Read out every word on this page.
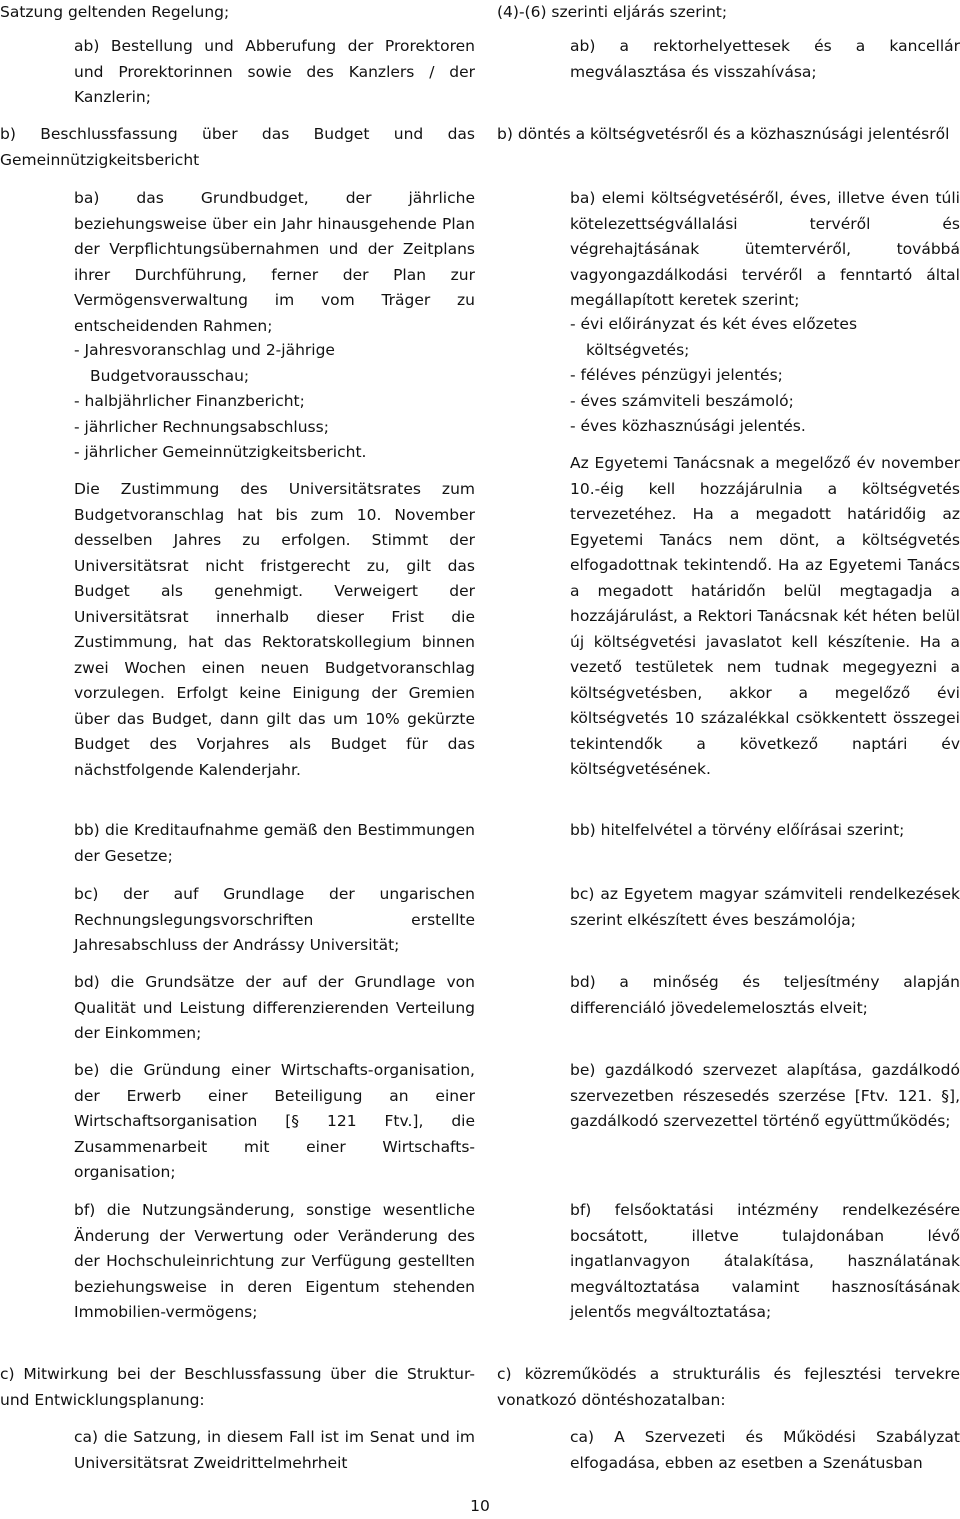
Satzung geltenden Regelung;

ab) Bestellung und Abberufung der Prorektoren und Prorektorinnen sowie des Kanzlers / der Kanzlerin;

b) Beschlussfassung über das Budget und das Gemeinnützigkeitsbericht

ba) das Grundbudget, der jährliche beziehungsweise über ein Jahr hinausgehende Plan der Verpflichtungsübernahmen und der Zeitplans ihrer Durchführung, ferner der Plan zur Vermögensverwaltung im vom Träger zu entscheidenden Rahmen;

- Jahresvoranschlag und 2-jährige Budgetvorausschau;
- halbjährlicher Finanzbericht;
- jährlicher Rechnungsabschluss;
- jährlicher Gemeinnützigkeitsbericht.

Die Zustimmung des Universitätsrates zum Budgetvoranschlag hat bis zum 10. November desselben Jahres zu erfolgen. Stimmt der Universitätsrat nicht fristgerecht zu, gilt das Budget als genehmigt. Verweigert der Universitätsrat innerhalb dieser Frist die Zustimmung, hat das Rektoratskollegium binnen zwei Wochen einen neuen Budgetvoranschlag vorzulegen. Erfolgt keine Einigung der Gremien über das Budget, dann gilt das um 10% gekürzte Budget des Vorjahres als Budget für das nächstfolgende Kalenderjahr.

bb) die Kreditaufnahme gemäß den Bestimmungen der Gesetze;

bc) der auf Grundlage der ungarischen Rechnungslegungsvorschriften erstellte Jahresabschluss der Andrássy Universität;

bd) die Grundsätze der auf der Grundlage von Qualität und Leistung differenzierenden Verteilung der Einkommen;

be) die Gründung einer Wirtschafts-organisation, der Erwerb einer Beteiligung an einer Wirtschaftsorganisation [§ 121 Ftv.], die Zusammenarbeit mit einer Wirtschafts-organisation;

bf) die Nutzungsänderung, sonstige wesentliche Änderung der Verwertung oder Veränderung des der Hochschuleinrichtung zur Verfügung gestellten beziehungsweise in deren Eigentum stehenden Immobilien-vermögens;

c) Mitwirkung bei der Beschlussfassung über die Struktur- und Entwicklungsplanung:

ca) die Satzung, in diesem Fall ist im Senat und im Universitätsrat Zweidrittelmehrheit

(4)-(6) szerinti eljárás szerint;

ab) a rektorhelyettesek és a kancellár megválasztása és visszahívása;

b) döntés a költségvetésről és a közhasznúsági jelentésről

ba) elemi költségvetéséről, éves, illetve éven túli kötelezettségvállalási tervéről és végrehajtásának ütemtervéről, továbbá vagyongazdálkodási tervéről a fenntartó által megállapított keretek szerint;

- évi előirányzat és két éves előzetes költségvetés;
- féléves pénzügyi jelentés;
- éves számviteli beszámoló;
- éves közhasznúsági jelentés.

Az Egyetemi Tanácsnak a megelőző év november 10.-éig kell hozzájárulnia a költségvetés tervezetéhez. Ha a megadott határidőig az Egyetemi Tanács nem dönt, a költségvetés elfogadottnak tekintendő. Ha az Egyetemi Tanács a megadott határidőn belül megtagadja a hozzájárulást, a Rektori Tanácsnak két héten belül új költségvetési javaslatot kell készítenie. Ha a vezető testületek nem tudnak megegyezni a költségvetésben, akkor a megelőző évi költségvetés 10 százalékkal csökkentett összegei tekintendők a következő naptári év költségvetésének.

bb) hitelfelvétel a törvény előírásai szerint;

bc) az Egyetem magyar számviteli rendelkezések szerint elkészített éves beszámolója;

bd) a minőség és teljesítmény alapján differenciáló jövedelemelosztás elveit;

be) gazdálkodó szervezet alapítása, gazdálkodó szervezetben részesedés szerzése [Ftv. 121. §], gazdálkodó szervezettel történő együttműködés;

bf) felsőoktatási intézmény rendelkezésére bocsátott, illetve tulajdonában lévő ingatlanvagyon átalakítása, használatának megváltoztatása valamint hasznosításának jelentős megváltoztatása;

c) közreműködés a strukturális és fejlesztési tervekre vonatkozó döntéshozatalban:

ca) A Szervezeti és Működési Szabályzat elfogadása, ebben az esetben a Szenátusban

10
